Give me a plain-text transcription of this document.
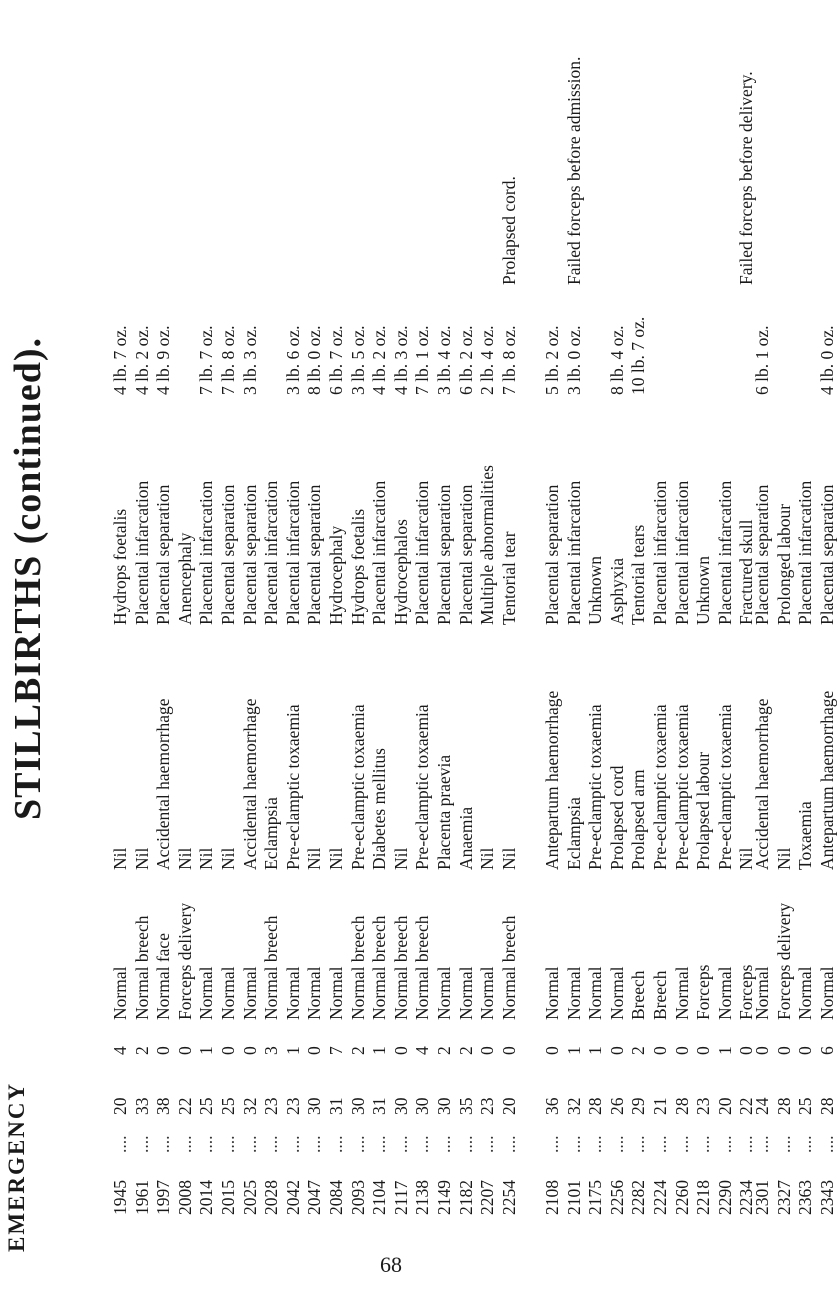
STILLBIRTHS (continued).
EMERGENCY
68
1945
....
20
4
Normal
Nil
Hydrops foetalis
4 lb. 7 oz.
1961
....
33
2
Normal breech
Nil
Placental infarcation
4 lb. 2 oz.
1997
....
38
0
Normal face
Accidental haemorrhage
Placental separation
4 lb. 9 oz.
2008
....
22
0
Forceps delivery
Nil
Anencephaly
2014
....
25
1
Normal
Nil
Placental infarcation
7 lb. 7 oz.
2015
....
25
0
Normal
Nil
Placental separation
7 lb. 8 oz.
2025
....
32
0
Normal
Accidental haemorrhage
Placental separation
3 lb. 3 oz.
2028
....
23
3
Normal breech
Eclampsia
Placental infarcation
2042
....
23
1
Normal
Pre-eclamptic toxaemia
Placental infarcation
3 lb. 6 oz.
2047
....
30
0
Normal
Nil
Placental separation
8 lb. 0 oz.
2084
....
31
7
Normal
Nil
Hydrocephaly
6 lb. 7 oz.
2093
....
30
2
Normal breech
Pre-eclamptic toxaemia
Hydrops foetalis
3 lb. 5 oz.
2104
....
31
1
Normal breech
Diabetes mellitus
Placental infarcation
4 lb. 2 oz.
2117
....
30
0
Normal breech
Nil
Hydrocephalos
4 lb. 3 oz.
2138
....
30
4
Normal breech
Pre-eclamptic toxaemia
Placental infarcation
7 lb. 1 oz.
2149
....
30
2
Normal
Placenta praevia
Placental separation
3 lb. 4 oz.
2182
....
35
2
Normal
Anaemia
Placental separation
6 lb. 2 oz.
2207
....
23
0
Normal
Nil
Multiple abnormalities
2 lb. 4 oz.
2254
....
20
0
Normal breech
Nil
Tentorial tear
7 lb. 8 oz.
Prolapsed cord.
2108
....
36
0
Normal
Antepartum haemorrhage
Placental separation
5 lb. 2 oz.
2101
....
32
1
Normal
Eclampsia
Placental infarcation
3 lb. 0 oz.
Failed forceps before admission.
2175
....
28
1
Normal
Pre-eclamptic toxaemia
Unknown
2256
....
26
0
Normal
Prolapsed cord
Asphyxia
8 lb. 4 oz.
2282
....
29
2
Breech
Prolapsed arm
Tentorial tears
10 lb. 7 oz.
2224
....
21
0
Breech
Pre-eclamptic toxaemia
Placental infarcation
2260
....
28
0
Normal
Pre-eclamptic toxaemia
Placental infarcation
2218
....
23
0
Forceps
Prolapsed labour
Unknown
2290
....
20
1
Normal
Pre-eclamptic toxaemia
Placental infarcation
2234
....
22
0
Forceps
Nil
Fractured skull
Failed forceps before delivery.
2301
....
24
0
Normal
Accidental haemorrhage
Placental separation
6 lb. 1 oz.
2327
....
28
0
Forceps delivery
Nil
Prolonged labour
2363
....
25
0
Normal
Toxaemia
Placental infarcation
2343
....
28
6
Normal
Antepartum haemorrhage
Placental separation
4 lb. 0 oz.
